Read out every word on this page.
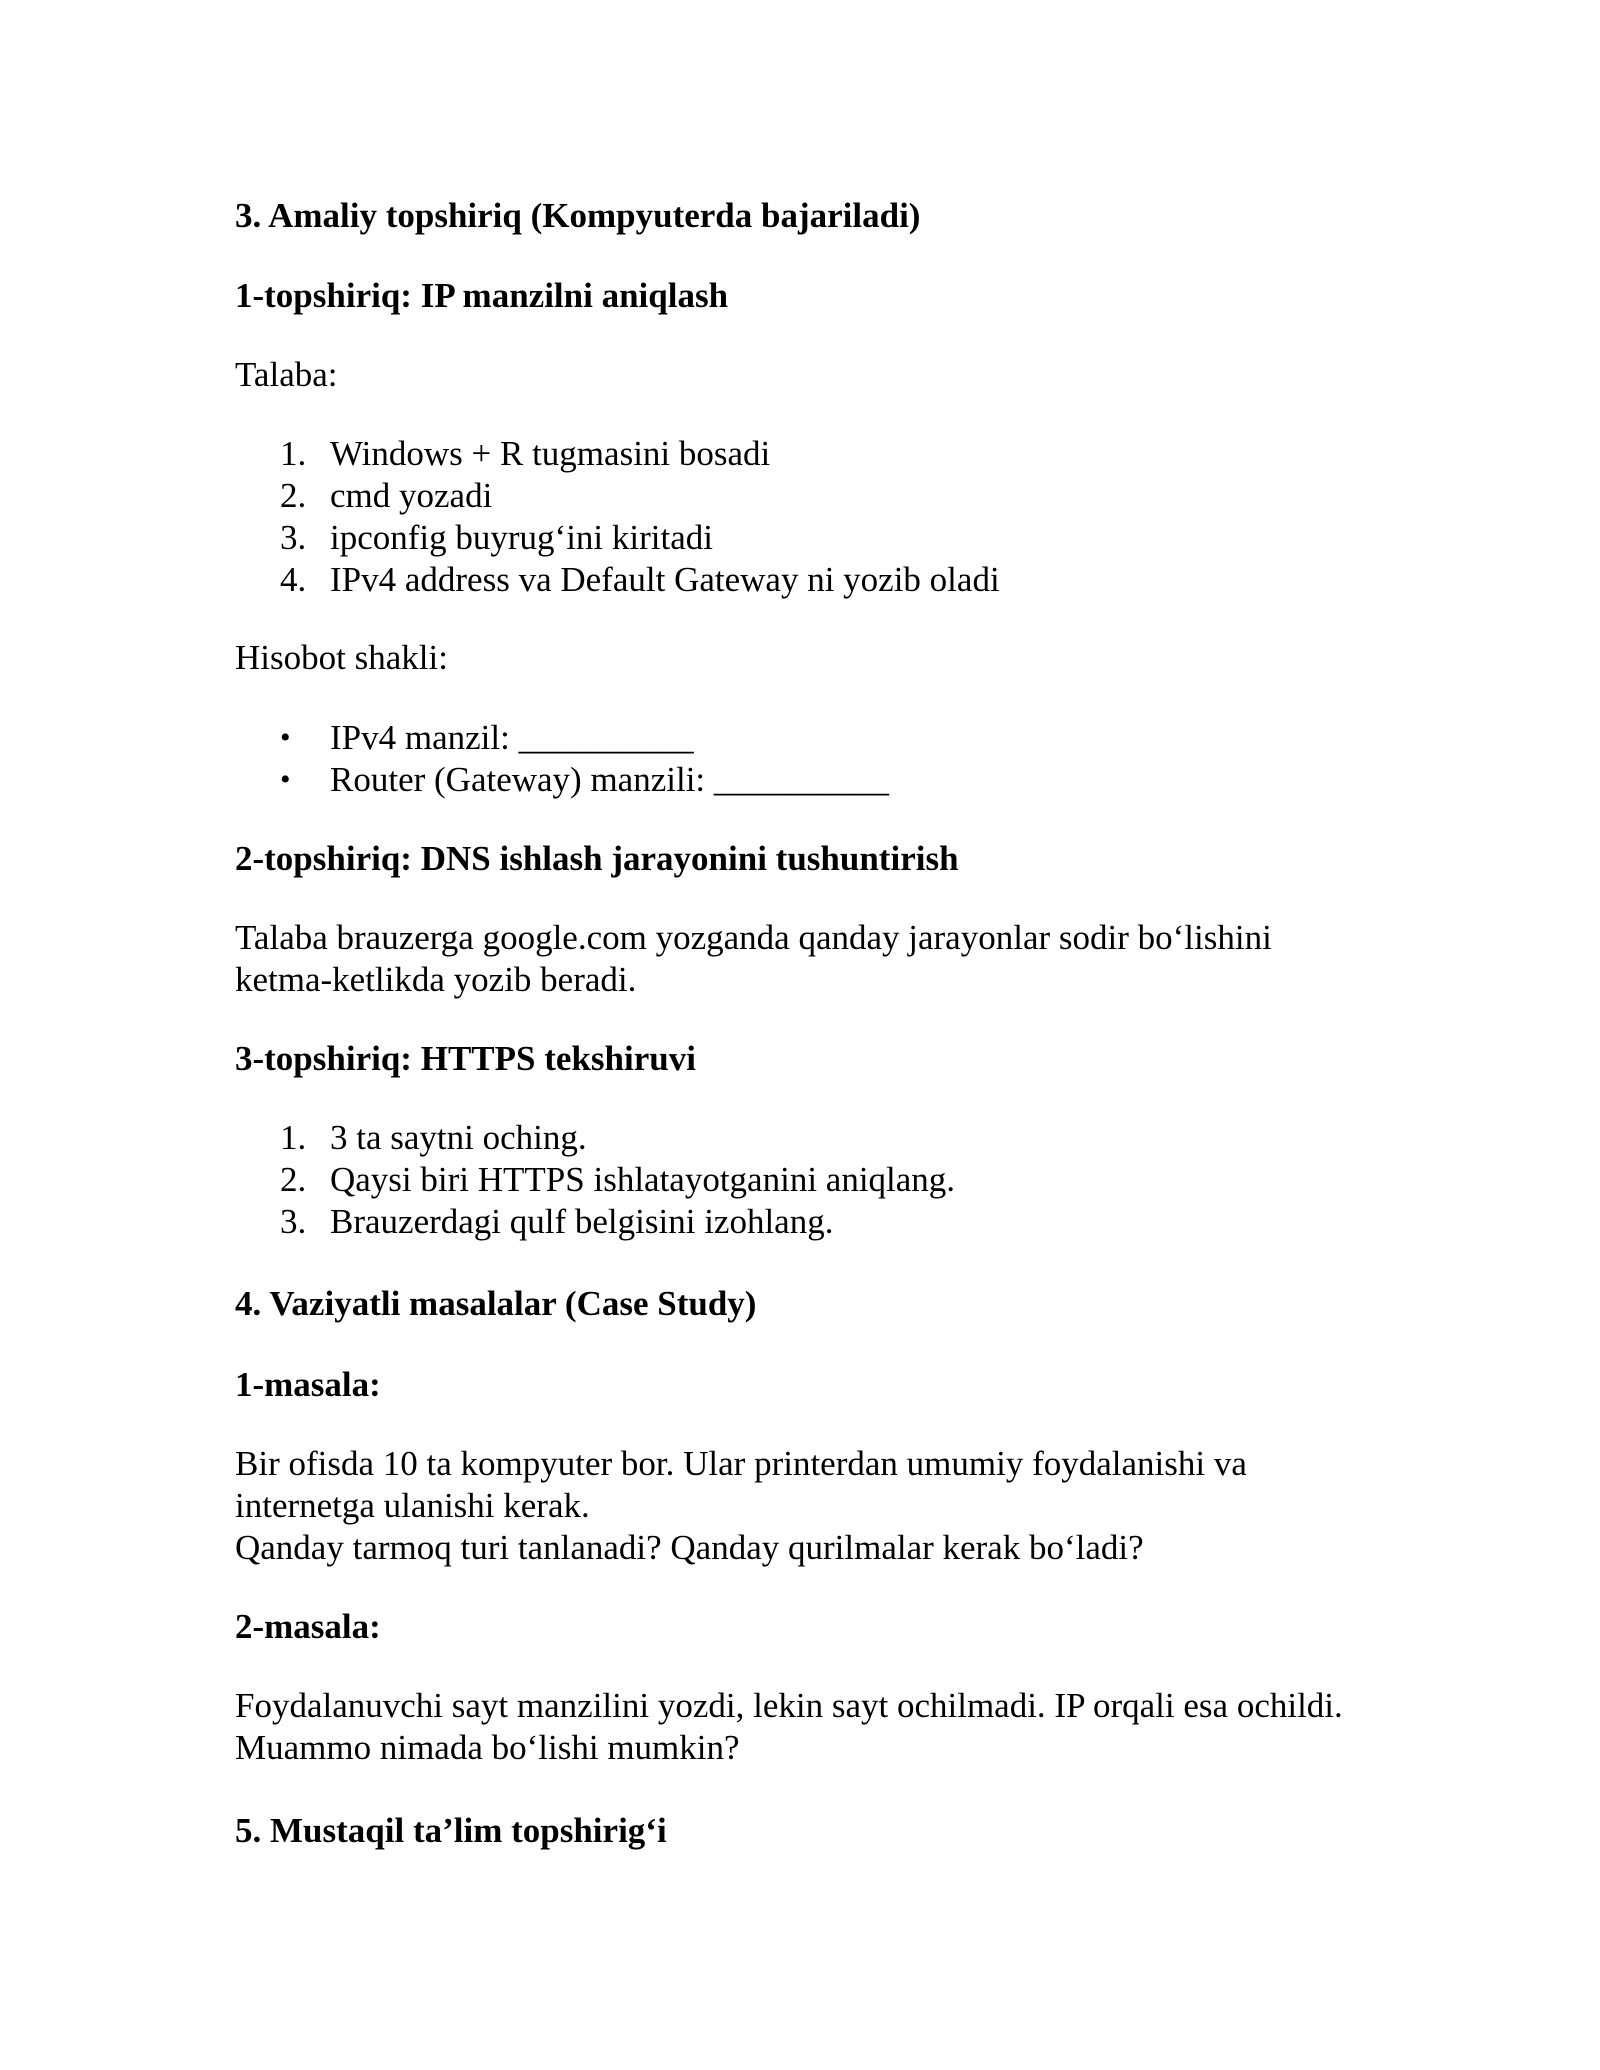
3. Amaliy topshiriq (Kompyuterda bajariladi)
1-topshiriq: IP manzilni aniqlash
Talaba:
1. Windows + R tugmasini bosadi
2. cmd yozadi
3. ipconfig buyrug‘ini kiritadi
4. IPv4 address va Default Gateway ni yozib oladi
Hisobot shakli:
• IPv4 manzil: __________
• Router (Gateway) manzili: __________
2-topshiriq: DNS ishlash jarayonini tushuntirish
Talaba brauzerga google.com yozganda qanday jarayonlar sodir bo‘lishini
ketma-ketlikda yozib beradi.
3-topshiriq: HTTPS tekshiruvi
1. 3 ta saytni oching.
2. Qaysi biri HTTPS ishlatayotganini aniqlang.
3. Brauzerdagi qulf belgisini izohlang.
4. Vaziyatli masalalar (Case Study)
1-masala:
Bir ofisda 10 ta kompyuter bor. Ular printerdan umumiy foydalanishi va
internetga ulanishi kerak.
Qanday tarmoq turi tanlanadi? Qanday qurilmalar kerak bo‘ladi?
2-masala:
Foydalanuvchi sayt manzilini yozdi, lekin sayt ochilmadi. IP orqali esa ochildi.
Muammo nimada bo‘lishi mumkin?
5. Mustaqil ta’lim topshirig‘i
